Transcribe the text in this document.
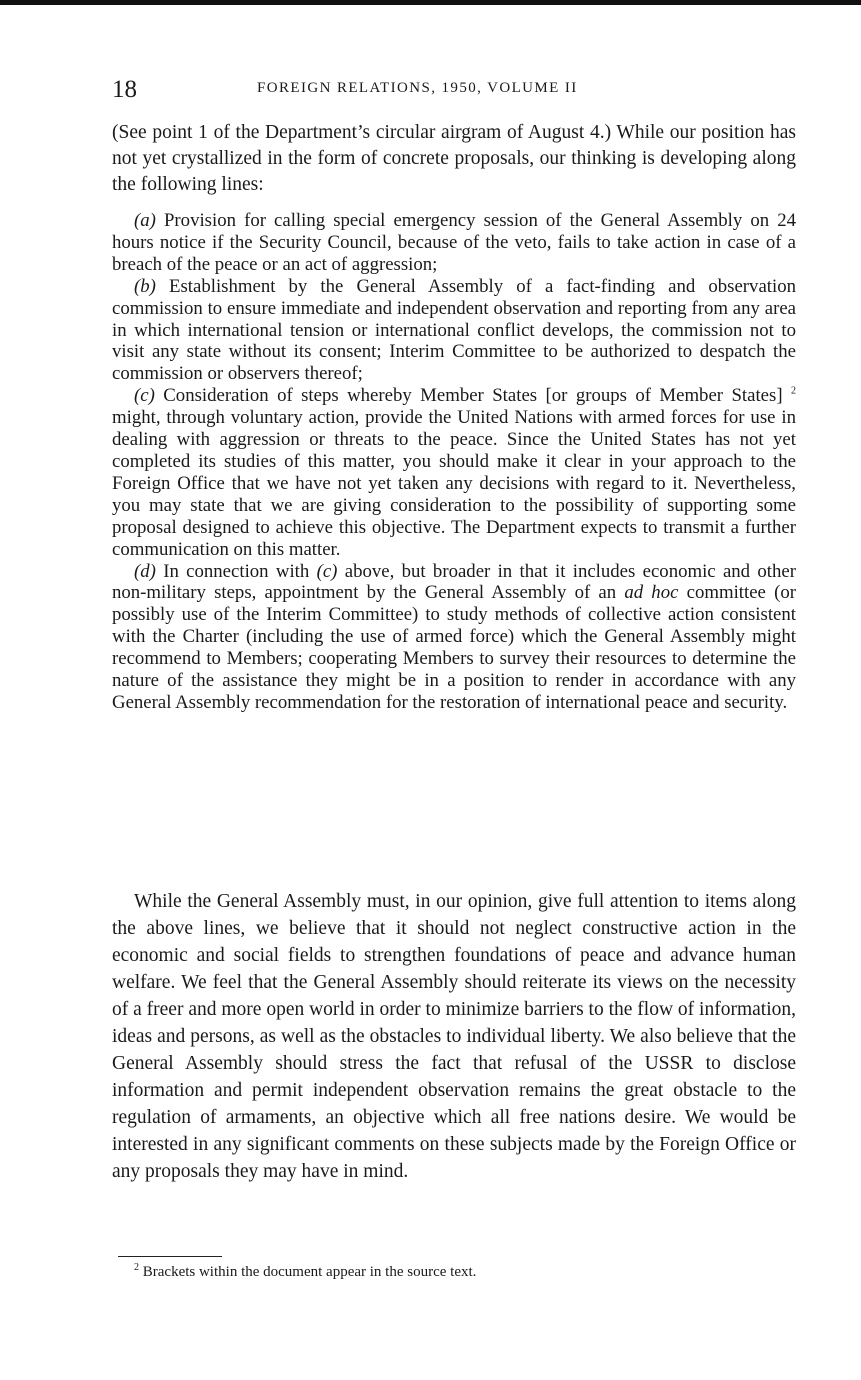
18	FOREIGN RELATIONS, 1950, VOLUME II

(See point 1 of the Department’s circular airgram of August 4.) While our position has not yet crystallized in the form of concrete proposals, our thinking is developing along the following lines:

(a) Provision for calling special emergency session of the General Assembly on 24 hours notice if the Security Council, because of the veto, fails to take action in case of a breach of the peace or an act of aggression;

(b) Establishment by the General Assembly of a fact-finding and observation commission to ensure immediate and independent observation and reporting from any area in which international tension or international conflict develops, the commission not to visit any state without its consent; Interim Committee to be authorized to despatch the commission or observers thereof;

(c) Consideration of steps whereby Member States [or groups of Member States] $^2$ might, through voluntary action, provide the United Nations with armed forces for use in dealing with aggression or threats to the peace. Since the United States has not yet completed its studies of this matter, you should make it clear in your approach to the Foreign Office that we have not yet taken any decisions with regard to it. Nevertheless, you may state that we are giving consideration to the possibility of supporting some proposal designed to achieve this objective. The Department expects to transmit a further communication on this matter.

(d) In connection with (c) above, but broader in that it includes economic and other non-military steps, appointment by the General Assembly of an ad hoc committee (or possibly use of the Interim Committee) to study methods of collective action consistent with the Charter (including the use of armed force) which the General Assembly might recommend to Members; cooperating Members to survey their resources to determine the nature of the assistance they might be in a position to render in accordance with any General Assembly recommendation for the restoration of international peace and security.

While the General Assembly must, in our opinion, give full attention to items along the above lines, we believe that it should not neglect constructive action in the economic and social fields to strengthen foundations of peace and advance human welfare. We feel that the General Assembly should reiterate its views on the necessity of a freer and more open world in order to minimize barriers to the flow of information, ideas and persons, as well as the obstacles to individual liberty. We also believe that the General Assembly should stress the fact that refusal of the USSR to disclose information and permit independent observation remains the great obstacle to the regulation of armaments, an objective which all free nations desire. We would be interested in any significant comments on these subjects made by the Foreign Office or any proposals they may have in mind.

$^2$ Brackets within the document appear in the source text.
